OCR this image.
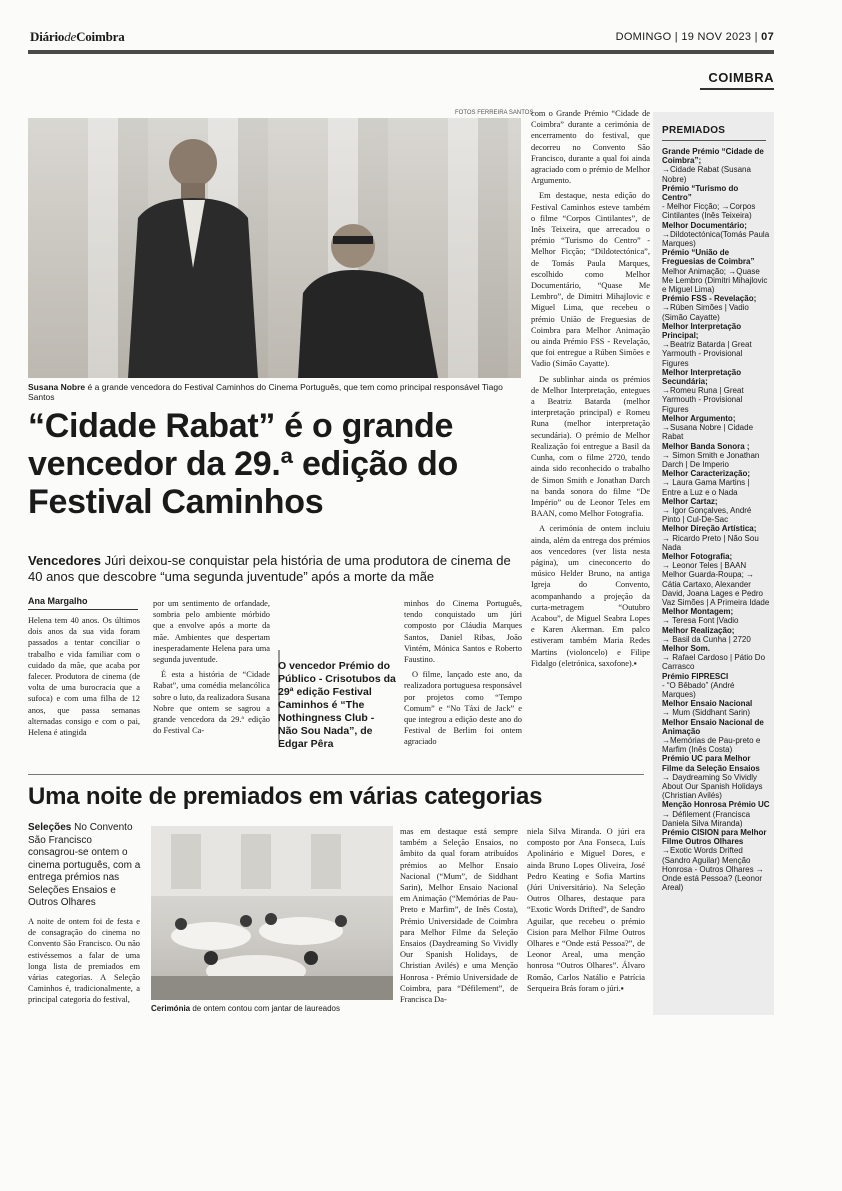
DiáriodeCoimbra	DOMINGO | 19 NOV 2023 | 07
COIMBRA
FOTOS FERREIRA SANTOS
Susana Nobre é a grande vencedora do Festival Caminhos do Cinema Português, que tem como principal responsável Tiago Santos
“Cidade Rabat” é o grande vencedor da 29.ª edição do Festival Caminhos
Vencedores Júri deixou-se conquistar pela história de uma produtora de cinema de 40 anos que descobre “uma segunda juventude” após a morte da mãe
Ana Margalho

Helena tem 40 anos. Os últimos dois anos da sua vida foram passados a tentar conciliar o trabalho e vida familiar com o cuidado da mãe, que acaba por falecer. Produtora de cinema (de volta de uma burocracia que a sufoca) e com uma filha de 12 anos, que passa semanas alternadas consigo e com o pai, Helena é atingida

por um sentimento de orfandade, sombria pelo ambiente mórbido que a envolve após a morte da mãe. Ambientes que despertam inesperadamente Helena para uma segunda juventude.

É esta a história de “Cidade Rabat”, uma comédia melancólica sobre o luto, da realizadora Susana Nobre que ontem se sagrou a grande vencedora da 29.ª edição do Festival Ca-

O vencedor Prémio do Público - Crisotubos da 29ª edição Festival Caminhos é “The Nothingness Club - Não Sou Nada”, de Edgar Pêra

minhos do Cinema Português, tendo conquistado um júri composto por Cláudia Marques Santos, Daniel Ribas, João Vintém, Mónica Santos e Roberto Faustino.

O filme, lançado este ano, da realizadora portuguesa responsável por projetos como “Tempo Comum” e “No Táxi de Jack” e que integrou a edição deste ano do Festival de Berlim foi ontem agraciado

com o Grande Prémio “Cidade de Coimbra” durante a cerimónia de encerramento do festival, que decorreu no Convento São Francisco, durante a qual foi ainda agraciado com o prémio de Melhor Argumento.

Em destaque, nesta edição do Festival Caminhos esteve também o filme “Corpos Cintilantes”, de Inês Teixeira, que arrecadou o prémio “Turismo do Centro” - Melhor Ficção; “Dildotectónica”, de Tomás Paula Marques, escolhido como Melhor Documentário, “Quase Me Lembro”, de Dimitri Mihajlovic e Miguel Lima, que recebeu o prémio União de Freguesias de Coimbra para Melhor Animação ou ainda Prémio FSS - Revelação, que foi entregue a Rúben Simões e Vadio (Simão Cayatte).

De sublinhar ainda os prémios de Melhor Interpretação, entegues a Beatriz Batarda (melhor interpretação principal) e Romeu Runa (melhor interpretação secundária). O prémio de Melhor Realização foi entregue a Basil da Cunha, com o filme 2720, tendo ainda sido reconhecido o trabalho de Simon Smith e Jonathan Darch na banda sonora do filme “De Império” ou de Leonor Teles em BAAN, como Melhor Fotografia.

A cerimónia de ontem incluiu ainda, além da entrega dos prémios aos vencedores (ver lista nesta página), um cineconcerto do músico Helder Bruno, na antiga Igreja do Convento, acompanhando a projeção da curta-metragem “Outubro Acabou”, de Miguel Seabra Lopes e Karen Akerman. Em palco estiveram também Maria Redes Martins (violoncelo) e Filipe Fidalgo (eletrónica, saxofone).▪

PREMIADOS
Grande Prémio “Cidade de Coimbra”;
→Cidade Rabat (Susana Nobre)
Prémio “Turismo do Centro”
- Melhor Ficção; →Corpos Cintilantes (Inês Teixeira)
Melhor Documentário;
→Dildotectónica(Tomás Paula Marques)
Prémio “União de Freguesias de Coimbra”
Melhor Animação; →Quase Me Lembro (Dimitri Mihajlovic e Miguel Lima)
Prémio FSS - Revelação;
→Rúben Simões | Vadio (Simão Cayatte)
Melhor Interpretação Principal;
→Beatriz Batarda | Great Yarmouth - Provisional Figures
Melhor Interpretação Secundária;
→Romeu Runa | Great Yarmouth - Provisional Figures
Melhor Argumento;
→Susana Nobre | Cidade Rabat
Melhor Banda Sonora ;
→ Simon Smith e Jonathan Darch | De Imperio
Melhor Caracterização;
→ Laura Gama Martins | Entre a Luz e o Nada
Melhor Cartaz;
→ Igor Gonçalves, André Pinto | Cul-De-Sac
Melhor Direção Artística;
→ Ricardo Preto | Não Sou Nada
Melhor Fotografia;
→ Leonor Teles | BAAN Melhor Guarda-Roupa; → Cátia Cartaxo, Alexander David, Joana Lages e Pedro Vaz Simões | A Primeira Idade
Melhor Montagem;
→ Teresa Font |Vadio
Melhor Realização;
→ Basil da Cunha | 2720
Melhor Som.
→ Rafael Cardoso | Pátio Do Carrasco
Prémio FIPRESCI
- “O Bêbado” (André Marques)
Melhor Ensaio Nacional
→ Mum (Siddhant Sarin)
Melhor Ensaio Nacional de Animação
→Memórias de Pau-preto e Marfim (Inês Costa)
Prémio UC para Melhor Filme da Seleção Ensaios
→ Daydreaming So Vividly About Our Spanish Holidays (Christian Avilés)
Menção Honrosa Prémio UC
→ Défilement (Francisca Daniela Silva Miranda)
Prémio CISION para Melhor Filme Outros Olhares
→Exotic Words Drifted (Sandro Aguilar) Menção Honrosa - Outros Olhares → Onde está Pessoa? (Leonor Areal)
Uma noite de premiados em várias categorias
Seleções No Convento São Francisco consagrou-se ontem o cinema português, com a entrega prémios nas Seleções Ensaios e Outros Olhares

A noite de ontem foi de festa e de consagração do cinema no Convento São Francisco. Ou não estivéssemos a falar de uma longa lista de premiados em várias categorias. A Seleção Caminhos é, tradicionalmente, a principal categoria do festival,

Cerimónia de ontem contou com jantar de laureados

mas em destaque está sempre também a Seleção Ensaios, no âmbito da qual foram atribuídos prémios ao Melhor Ensaio Nacional (“Mum”, de Siddhant Sarin), Melhor Ensaio Nacional em Animação (“Memórias de Pau-Preto e Marfim”, de Inês Costa), Prémio Universidade de Coimbra para Melhor Filme da Seleção Ensaios (Daydreaming So Vividly Our Spanish Holidays, de Christian Avilés) e uma Menção Honrosa - Prémio Universidade de Coimbra, para “Défilement”, de Francisca Da-

niela Silva Miranda. O júri era composto por Ana Fonseca, Luís Apolinário e Miguel Dores, e ainda Bruno Lopes Oliveira, José Pedro Keating e Sofia Martins (Júri Universitário). Na Seleção Outros Olhares, destaque para “Exotic Words Drifted”, de Sandro Aguilar, que recebeu o prémio Cision para Melhor Filme Outros Olhares e “Onde está Pessoa?”, de Leonor Areal, uma menção honrosa “Outros Olhares”. Álvaro Romão, Carlos Natálio e Patrícia Serqueira Brás foram o júri.▪
